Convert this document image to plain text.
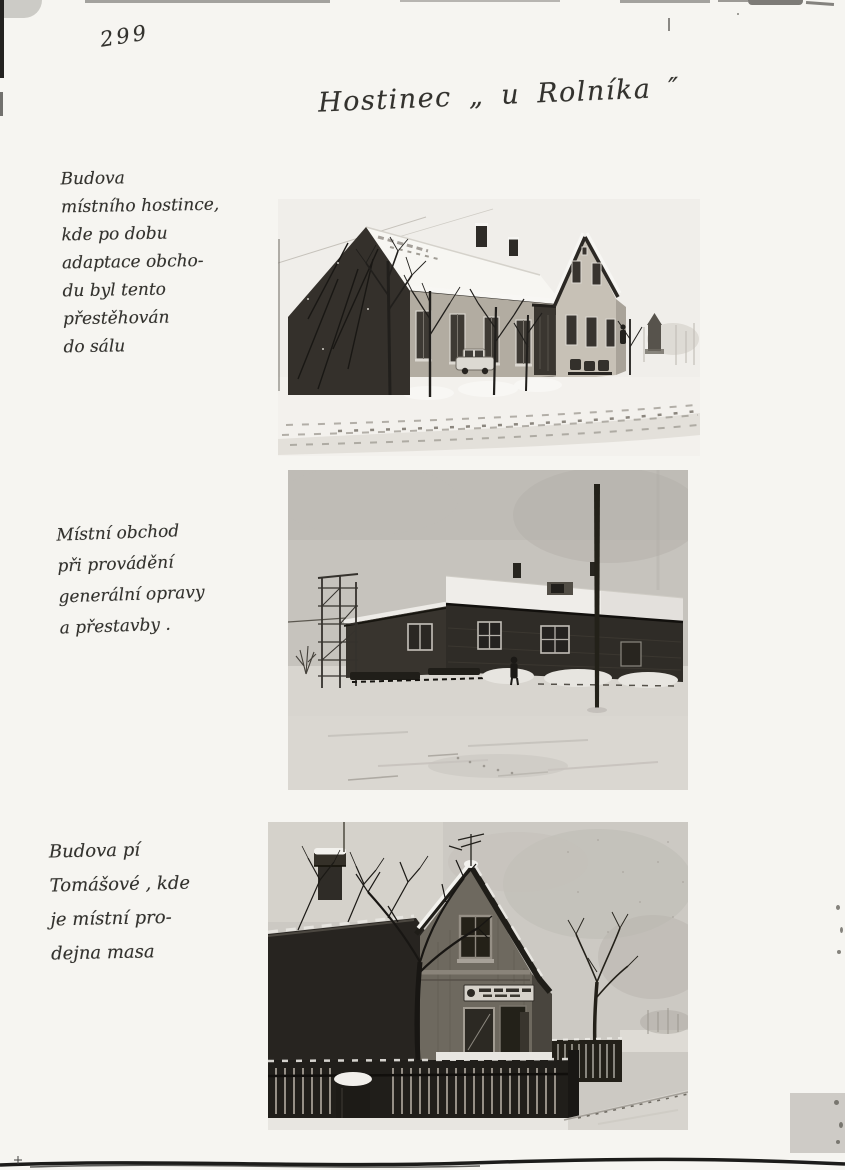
299
Hostinec „ u Rolníka ″
Budova
místního hostince,
kde po dobu
adaptace obcho-
du byl tento
přestěhován
do sálu
Místní obchod
při provádění
generální opravy
a přestavby .
Budova pí
Tomášové , kde
je místní pro-
dejna masa
